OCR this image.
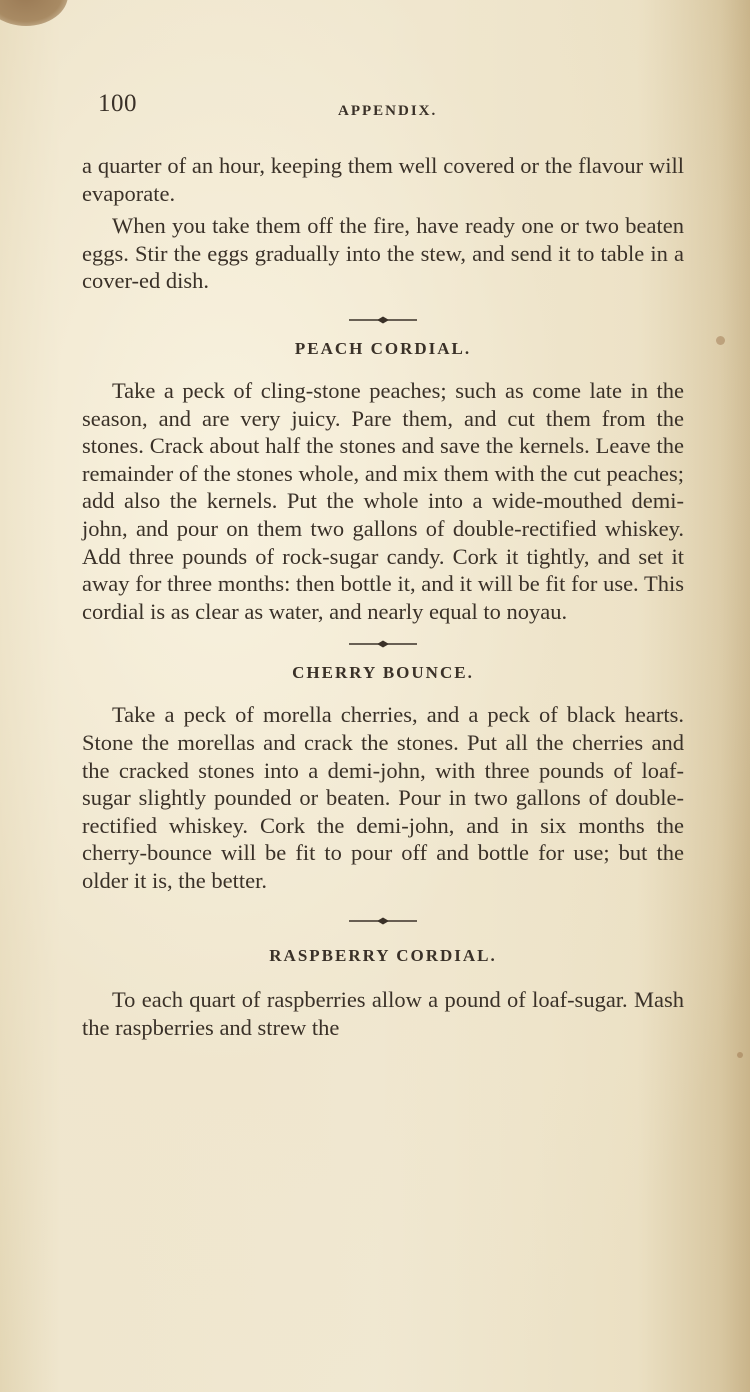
100	APPENDIX.

a quarter of an hour, keeping them well covered or the flavour will evaporate.

When you take them off the fire, have ready one or two beaten eggs. Stir the eggs gradually into the stew, and send it to table in a cover-ed dish.

PEACH CORDIAL.

Take a peck of cling-stone peaches; such as come late in the season, and are very juicy. Pare them, and cut them from the stones. Crack about half the stones and save the kernels. Leave the remainder of the stones whole, and mix them with the cut peaches; add also the kernels. Put the whole into a wide-mouthed demi-john, and pour on them two gallons of double-rectified whiskey. Add three pounds of rock-sugar candy. Cork it tightly, and set it away for three months: then bottle it, and it will be fit for use. This cordial is as clear as water, and nearly equal to noyau.

CHERRY BOUNCE.

Take a peck of morella cherries, and a peck of black hearts. Stone the morellas and crack the stones. Put all the cherries and the cracked stones into a demi-john, with three pounds of loaf-sugar slightly pounded or beaten. Pour in two gallons of double-rectified whiskey. Cork the demi-john, and in six months the cherry-bounce will be fit to pour off and bottle for use; but the older it is, the better.

RASPBERRY CORDIAL.

To each quart of raspberries allow a pound of loaf-sugar. Mash the raspberries and strew the
